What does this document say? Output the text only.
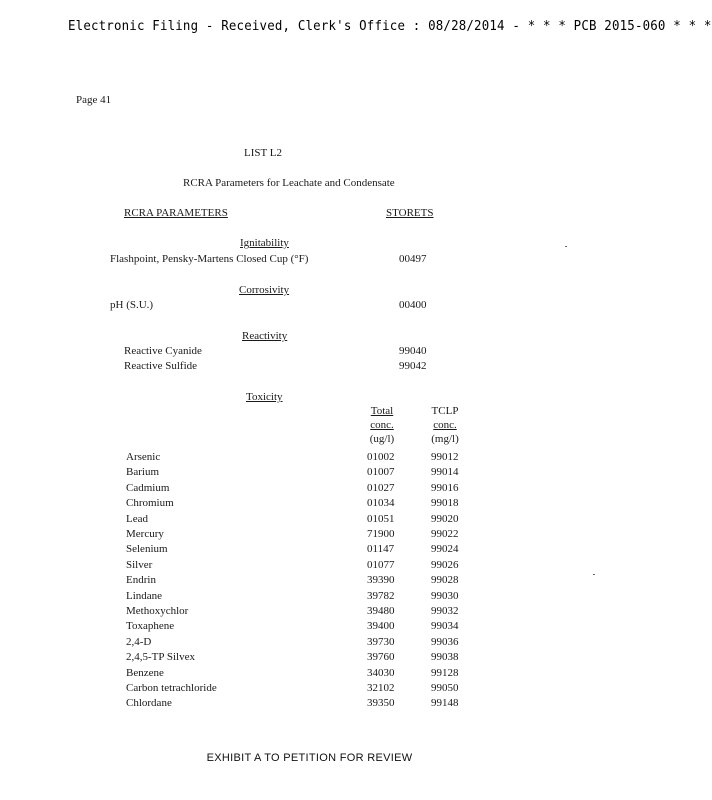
Electronic Filing - Received, Clerk's Office : 08/28/2014 - * * * PCB 2015-060 * * *
Page 41
LIST L2
RCRA Parameters for Leachate and Condensate
RCRA PARAMETERS	STORETS
Ignitability
Flashpoint, Pensky-Martens Closed Cup (°F)	00497
Corrosivity
pH (S.U.)	00400
Reactivity
Reactive Cyanide	99040
Reactive Sulfide	99042
Toxicity
Total
conc.
(ug/l)
TCLP
conc.
(mg/l)
Arsenic	01002	99012
Barium	01007	99014
Cadmium	01027	99016
Chromium	01034	99018
Lead	01051	99020
Mercury	71900	99022
Selenium	01147	99024
Silver	01077	99026
Endrin	39390	99028
Lindane	39782	99030
Methoxychlor	39480	99032
Toxaphene	39400	99034
2,4-D	39730	99036
2,4,5-TP Silvex	39760	99038
Benzene	34030	99128
Carbon tetrachloride	32102	99050
Chlordane	39350	99148
EXHIBIT A TO PETITION FOR REVIEW
